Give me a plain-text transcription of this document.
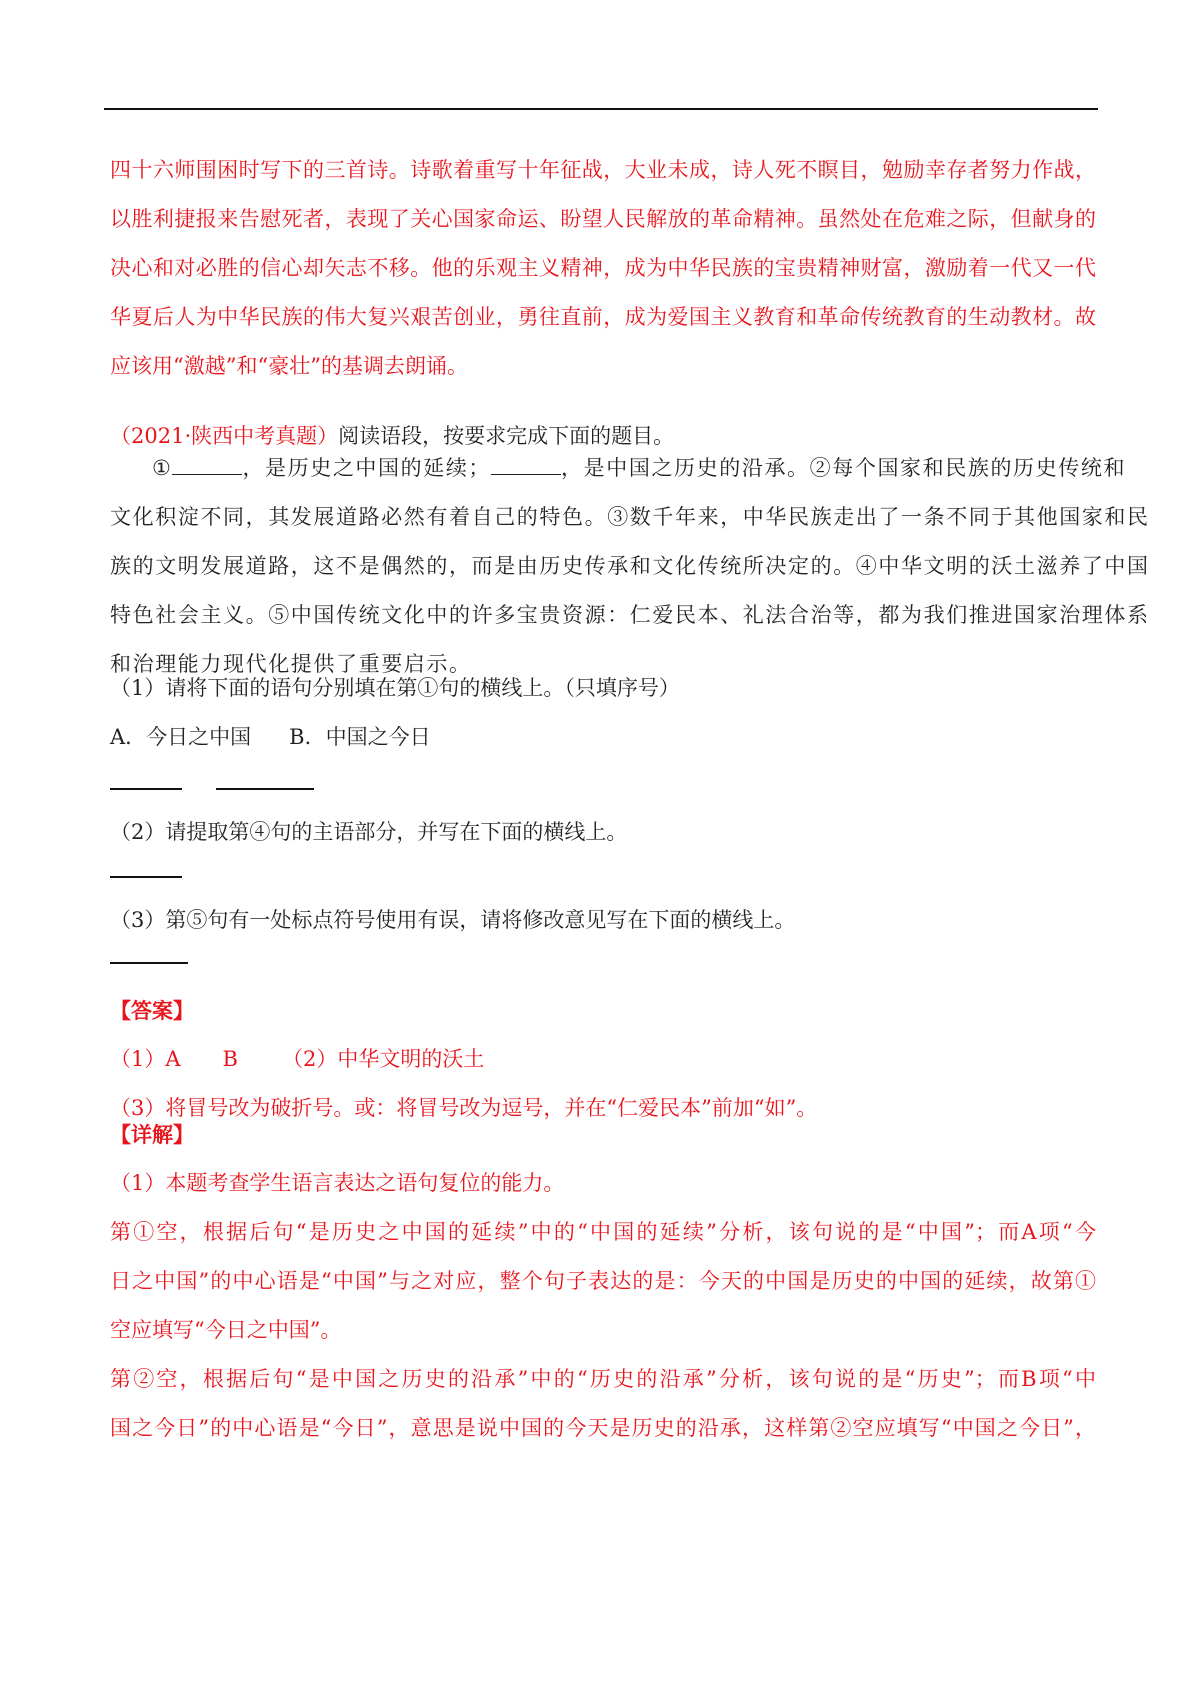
四十六师围困时写下的三首诗。诗歌着重写十年征战，大业未成，诗人死不瞑目，勉励幸存者努力作战，
以胜利捷报来告慰死者，表现了关心国家命运、盼望人民解放的革命精神。虽然处在危难之际，但献身的
决心和对必胜的信心却矢志不移。他的乐观主义精神，成为中华民族的宝贵精神财富，激励着一代又一代
华夏后人为中华民族的伟大复兴艰苦创业，勇往直前，成为爱国主义教育和革命传统教育的生动教材。故
应该用“激越”和“豪壮”的基调去朗诵。
（2021·陕西中考真题）阅读语段，按要求完成下面的题目。
①	，是历史之中国的延续；	，是中国之历史的沿承。②每个国家和民族的历史传统和
文化积淀不同，其发展道路必然有着自己的特色。③数千年来，中华民族走出了一条不同于其他国家和民
族的文明发展道路，这不是偶然的，而是由历史传承和文化传统所决定的。④中华文明的沃土滋养了中国
特色社会主义。⑤中国传统文化中的许多宝贵资源：仁爱民本、礼法合治等，都为我们推进国家治理体系
和治理能力现代化提供了重要启示。
（1）请将下面的语句分别填在第①句的横线上。（只填序号）
A．今日之中国 B．中国之今日
（2）请提取第④句的主语部分，并写在下面的横线上。
（3）第⑤句有一处标点符号使用有误，请将修改意见写在下面的横线上。
【答案】
（1）A　　B （2）中华文明的沃土
（3）将冒号改为破折号。或：将冒号改为逗号，并在“仁爱民本”前加“如”。
【详解】
（1）本题考查学生语言表达之语句复位的能力。
第①空，根据后句“是历史之中国的延续”中的“中国的延续”分析，该句说的是“中国”；而A项“今
日之中国”的中心语是“中国”与之对应，整个句子表达的是：今天的中国是历史的中国的延续，故第①
空应填写“今日之中国”。
第②空，根据后句“是中国之历史的沿承”中的“历史的沿承”分析，该句说的是“历史”；而B项“中
国之今日”的中心语是“今日”，意思是说中国的今天是历史的沿承，这样第②空应填写“中国之今日”，
